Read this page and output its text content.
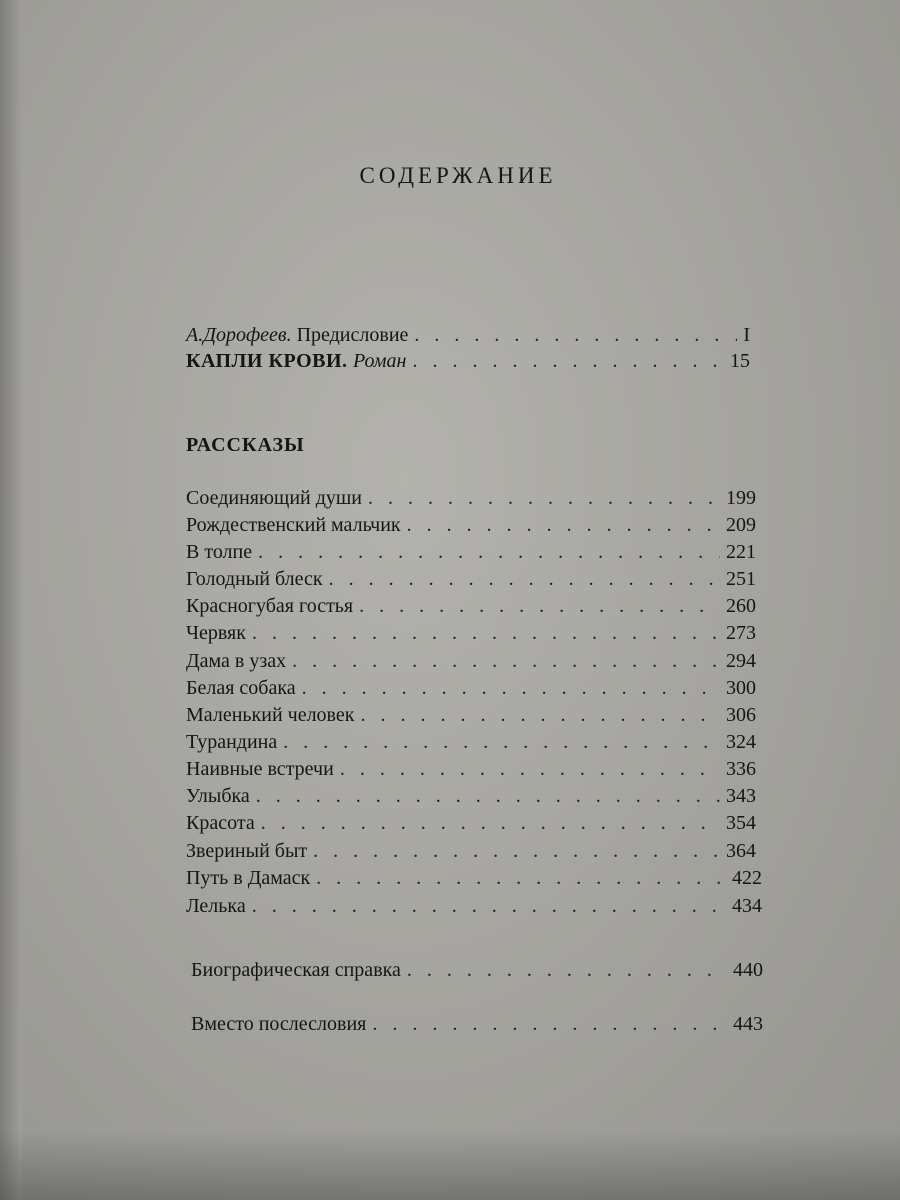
СОДЕРЖАНИЕ
А.Дорофеев. Предисловие . . .	I
КАПЛИ КРОВИ. Роман . . .	15
РАССКАЗЫ
Соединяющий души . . .	199
Рождественский мальчик . . .	209
В толпе . . .	221
Голодный блеск . . .	251
Красногубая гостья . . .	260
Червяк . . .	273
Дама в узах . . .	294
Белая собака . . .	300
Маленький человек . . .	306
Турандина . . .	324
Наивные встречи . . .	336
Улыбка . . .	343
Красота . . .	354
Звериный быт . . .	364
Путь в Дамаск . . .	422
Лелька . . .	434
Биографическая справка . . .	440
Вместо послесловия . . .	443
